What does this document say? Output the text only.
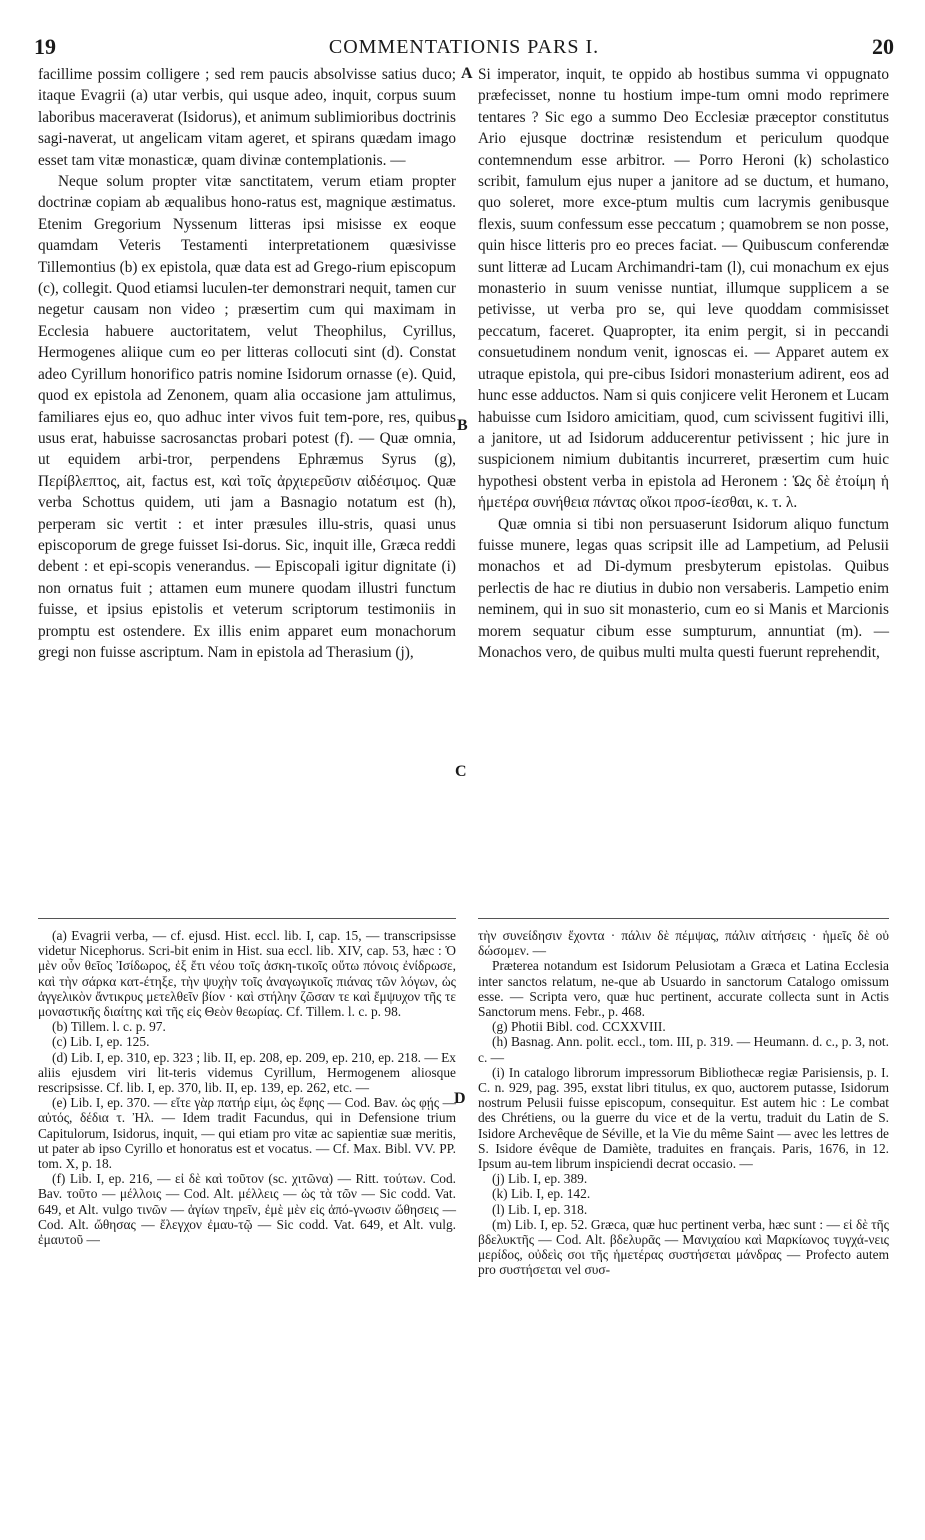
19	COMMENTATIONIS PARS I.	20

facillime possim colligere ; sed rem paucis absolvisse satius duco; itaque Evagrii (a) utar verbis, qui usque adeo, inquit, corpus suum laboribus maceraverat (Isidorus), et animum sublimioribus doctrinis sagi-naverat, ut angelicam vitam ageret, et spirans quædam imago esset tam vitæ monasticæ, quam divinæ contemplationis. —

Neque solum propter vitæ sanctitatem, verum etiam propter doctrinæ copiam ab æqualibus hono-ratus est, magnique æstimatus. Etenim Gregorium Nyssenum litteras ipsi misisse ex eoque quamdam Veteris Testamenti interpretationem quæsivisse Tillemontius (b) ex epistola, quæ data est ad Grego-rium episcopum (c), collegit. Quod etiamsi luculen-ter demonstrari nequit, tamen cur negetur causam non video ; præsertim cum qui maximam in Ecclesia habuere auctoritatem, velut Theophilus, Cyrillus, Hermogenes aliique cum eo per litteras collocuti sint (d). Constat adeo Cyrillum honorifico patris nomine Isidorum ornasse (e). Quid, quod ex epistola ad Zenonem, quam alia occasione jam attulimus, familiares ejus eo, quo adhuc inter vivos fuit tem-pore, res, quibus usus erat, habuisse sacrosanctas probari potest (f). — Quæ omnia, ut equidem arbi-tror, perpendens Ephræmus Syrus (g), Περίβλεπτος, ait, factus est, καὶ τοῖς ἀρχιερεῦσιν αἰδέσιμος. Quæ verba Schottus quidem, uti jam a Basnagio notatum est (h), perperam sic vertit : et inter præsules illu-stris, quasi unus episcoporum de grege fuisset Isi-dorus. Sic, inquit ille, Græca reddi debent : et epi-scopis venerandus. — Episcopali igitur dignitate (i) non ornatus fuit ; attamen eum munere quodam illustri functum fuisse, et ipsius epistolis et veterum scriptorum testimoniis in promptu est ostendere. Ex illis enim apparet eum monachorum gregi non fuisse ascriptum. Nam in epistola ad Therasium (j),

A
B
C
D

Si imperator, inquit, te oppido ab hostibus summa vi oppugnato præfecisset, nonne tu hostium impe-tum omni modo reprimere tentares ? Sic ego a summo Deo Ecclesiæ præceptor constitutus Ario ejusque doctrinæ resistendum et periculum quodque contemnendum esse arbitror. — Porro Heroni (k) scholastico scribit, famulum ejus nuper a janitore ad se ductum, et humano, quo soleret, more exce-ptum multis cum lacrymis genibusque flexis, suum confessum esse peccatum ; quamobrem se non posse, quin hisce litteris pro eo preces faciat. — Quibuscum conferendæ sunt litteræ ad Lucam Archimandri-tam (l), cui monachum ex ejus monasterio in suum venisse nuntiat, illumque supplicem a se petivisse, ut verba pro se, qui leve quoddam commisisset peccatum, faceret. Quapropter, ita enim pergit, si in peccandi consuetudinem nondum venit, ignoscas ei. — Apparet autem ex utraque epistola, qui pre-cibus Isidori monasterium adirent, eos ad hunc esse adductos. Nam si quis conjicere velit Heronem et Lucam habuisse cum Isidoro amicitiam, quod, cum scivissent fugitivi illi, a janitore, ut ad Isidorum adducerentur petivissent ; hic jure in suspicionem nimium dubitantis incurreret, præsertim cum huic hypothesi obstent verba in epistola ad Heronem : Ὡς δὲ ἐτοίμη ἡ ἡμετέρα συνήθεια πάντας οἴκοι προσ-ίεσθαι, κ. τ. λ.

Quæ omnia si tibi non persuaserunt Isidorum aliquo functum fuisse munere, legas quas scripsit ille ad Lampetium, ad Pelusii monachos et ad Di-dymum presbyterum epistolas. Quibus perlectis de hac re diutius in dubio non versaberis. Lampetio enim neminem, qui in suo sit monasterio, cum eo si Manis et Marcionis morem sequatur cibum esse sumpturum, annuntiat (m). — Monachos vero, de quibus multi multa questi fuerunt reprehendit,

(a) Evagrii verba, — cf. ejusd. Hist. eccl. lib. I, cap. 15, — transcripsisse videtur Nicephorus. Scri-bit enim in Hist. sua eccl. lib. XIV, cap. 53, hæc : Ὁ μὲν οὖν θεῖος Ἰσίδωρος, ἐξ ἔτι νέου τοῖς ἀσκη-τικοῖς οὕτω πόνοις ἐνίδρωσε, καὶ τὴν σάρκα κατ-έτηξε, τὴν ψυχὴν τοῖς ἀναγωγικοῖς πιάνας τῶν λόγων, ὡς ἀγγελικὸν ἄντικρυς μετελθεῖν βίον · καὶ στήλην ζῶσαν τε καὶ ἔμψυχον τῆς τε μοναστικῆς διαίτης καὶ τῆς εἰς Θεὸν θεωρίας. Cf. Tillem. l. c. p. 98.

(b) Tillem. l. c. p. 97.

(c) Lib. I, ep. 125.

(d) Lib. I, ep. 310, ep. 323 ; lib. II, ep. 208, ep. 209, ep. 210, ep. 218. — Ex aliis ejusdem viri lit-teris videmus Cyrillum, Hermogenem aliosque rescripsisse. Cf. lib. I, ep. 370, lib. II, ep. 139, ep. 262, etc. —

(e) Lib. I, ep. 370. — εἴτε γὰρ πατήρ εἰμι, ὡς ἔφης — Cod. Bav. ὡς φῄς — αὐτός, δέδια τ. Ἠλ. — Idem tradit Facundus, qui in Defensione trium Capitulorum, Isidorus, inquit, — qui etiam pro vitæ ac sapientiæ suæ meritis, ut pater ab ipso Cyrillo et honoratus est et vocatus. — Cf. Max. Bibl. VV. PP. tom. X, p. 18.

(f) Lib. I, ep. 216, — εἰ δὲ καὶ τοῦτον (sc. χιτῶνα) — Ritt. τούτων. Cod. Bav. τοῦτο — μέλλοις — Cod. Alt. μέλλεις — ὡς τὰ τῶν — Sic codd. Vat. 649, et Alt. vulgo τινῶν — ἁγίων τηρεῖν, ἐμὲ μὲν εἰς ἀπό-γνωσιν ὤθησεις — Cod. Alt. ὤθησας — ἔλεγχον ἐμαυ-τῷ — Sic codd. Vat. 649, et Alt. vulg. ἐμαυτοῦ —

τὴν συνείδησιν ἔχοντα · πάλιν δὲ πέμψας, πάλιν αἰτήσεις · ἡμεῖς δὲ οὐ δώσομεν. —

Præterea notandum est Isidorum Pelusiotam a Græca et Latina Ecclesia inter sanctos relatum, ne-que ab Usuardo in sanctorum Catalogo omissum esse. — Scripta vero, quæ huc pertinent, accurate collecta sunt in Actis Sanctorum mens. Febr., p. 468.

(g) Photii Bibl. cod. CCXXVIII.

(h) Basnag. Ann. polit. eccl., tom. III, p. 319. — Heumann. d. c., p. 3, not. c. —

(i) In catalogo librorum impressorum Bibliothecæ regiæ Parisiensis, p. I. C. n. 929, pag. 395, exstat libri titulus, ex quo, auctorem putasse, Isidorum nostrum Pelusii fuisse episcopum, consequitur. Est autem hic : Le combat des Chrétiens, ou la guerre du vice et de la vertu, traduit du Latin de S. Isidore Archevêque de Séville, et la Vie du même Saint — avec les lettres de S. Isidore évêque de Damiète, traduites en français. Paris, 1676, in 12. Ipsum au-tem librum inspiciendi decrat occasio. —

(j) Lib. I, ep. 389.

(k) Lib. I, ep. 142.

(l) Lib. I, ep. 318.

(m) Lib. I, ep. 52. Græca, quæ huc pertinent verba, hæc sunt : — εἰ δὲ τῆς βδελυκτῆς — Cod. Alt. βδελυρᾶς — Μανιχαίου καὶ Μαρκίωνος τυγχά-νεις μερίδος, οὐδεὶς σοι τῆς ἡμετέρας συστήσεται μάνδρας — Profecto autem pro συστήσεται vel συσ-
